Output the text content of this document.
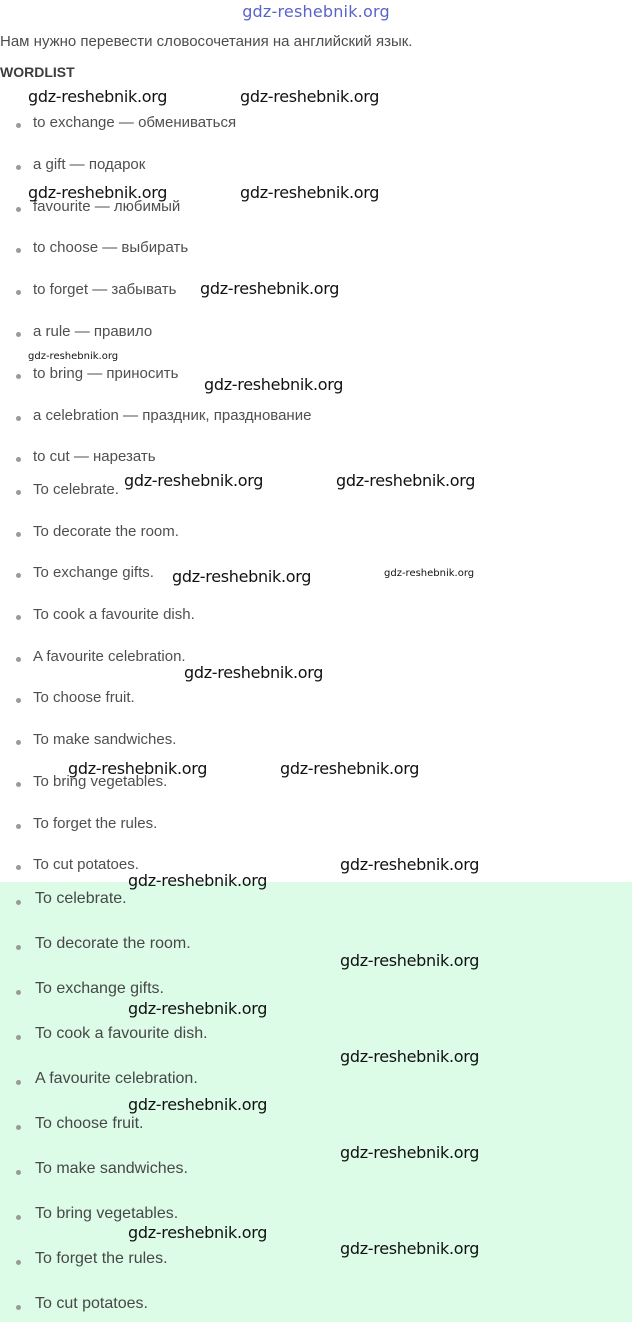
gdz-reshebnik.org
Нам нужно перевести словосочетания на английский язык.
WORDLIST
to exchange — обмениваться
a gift — подарок
favourite — любимый
to choose — выбирать
to forget — забывать
a rule — правило
to bring — приносить
a celebration — праздник, празднование
to cut — нарезать
To celebrate.
To decorate the room.
To exchange gifts.
To cook a favourite dish.
A favourite celebration.
To choose fruit.
To make sandwiches.
To bring vegetables.
To forget the rules.
To cut potatoes.
To celebrate.
To decorate the room.
To exchange gifts.
To cook a favourite dish.
A favourite celebration.
To choose fruit.
To make sandwiches.
To bring vegetables.
To forget the rules.
To cut potatoes.
gdz-reshebnik.org	gdz-reshebnik.org
gdz-reshebnik.org	gdz-reshebnik.org
gdz-reshebnik.org
gdz-reshebnik.org
gdz-reshebnik.org
gdz-reshebnik.org	gdz-reshebnik.org
gdz-reshebnik.org	gdz-reshebnik.org
gdz-reshebnik.org
gdz-reshebnik.org	gdz-reshebnik.org
gdz-reshebnik.org
gdz-reshebnik.org
gdz-reshebnik.org
gdz-reshebnik.org
gdz-reshebnik.org
gdz-reshebnik.org
gdz-reshebnik.org
gdz-reshebnik.org
gdz-reshebnik.org
